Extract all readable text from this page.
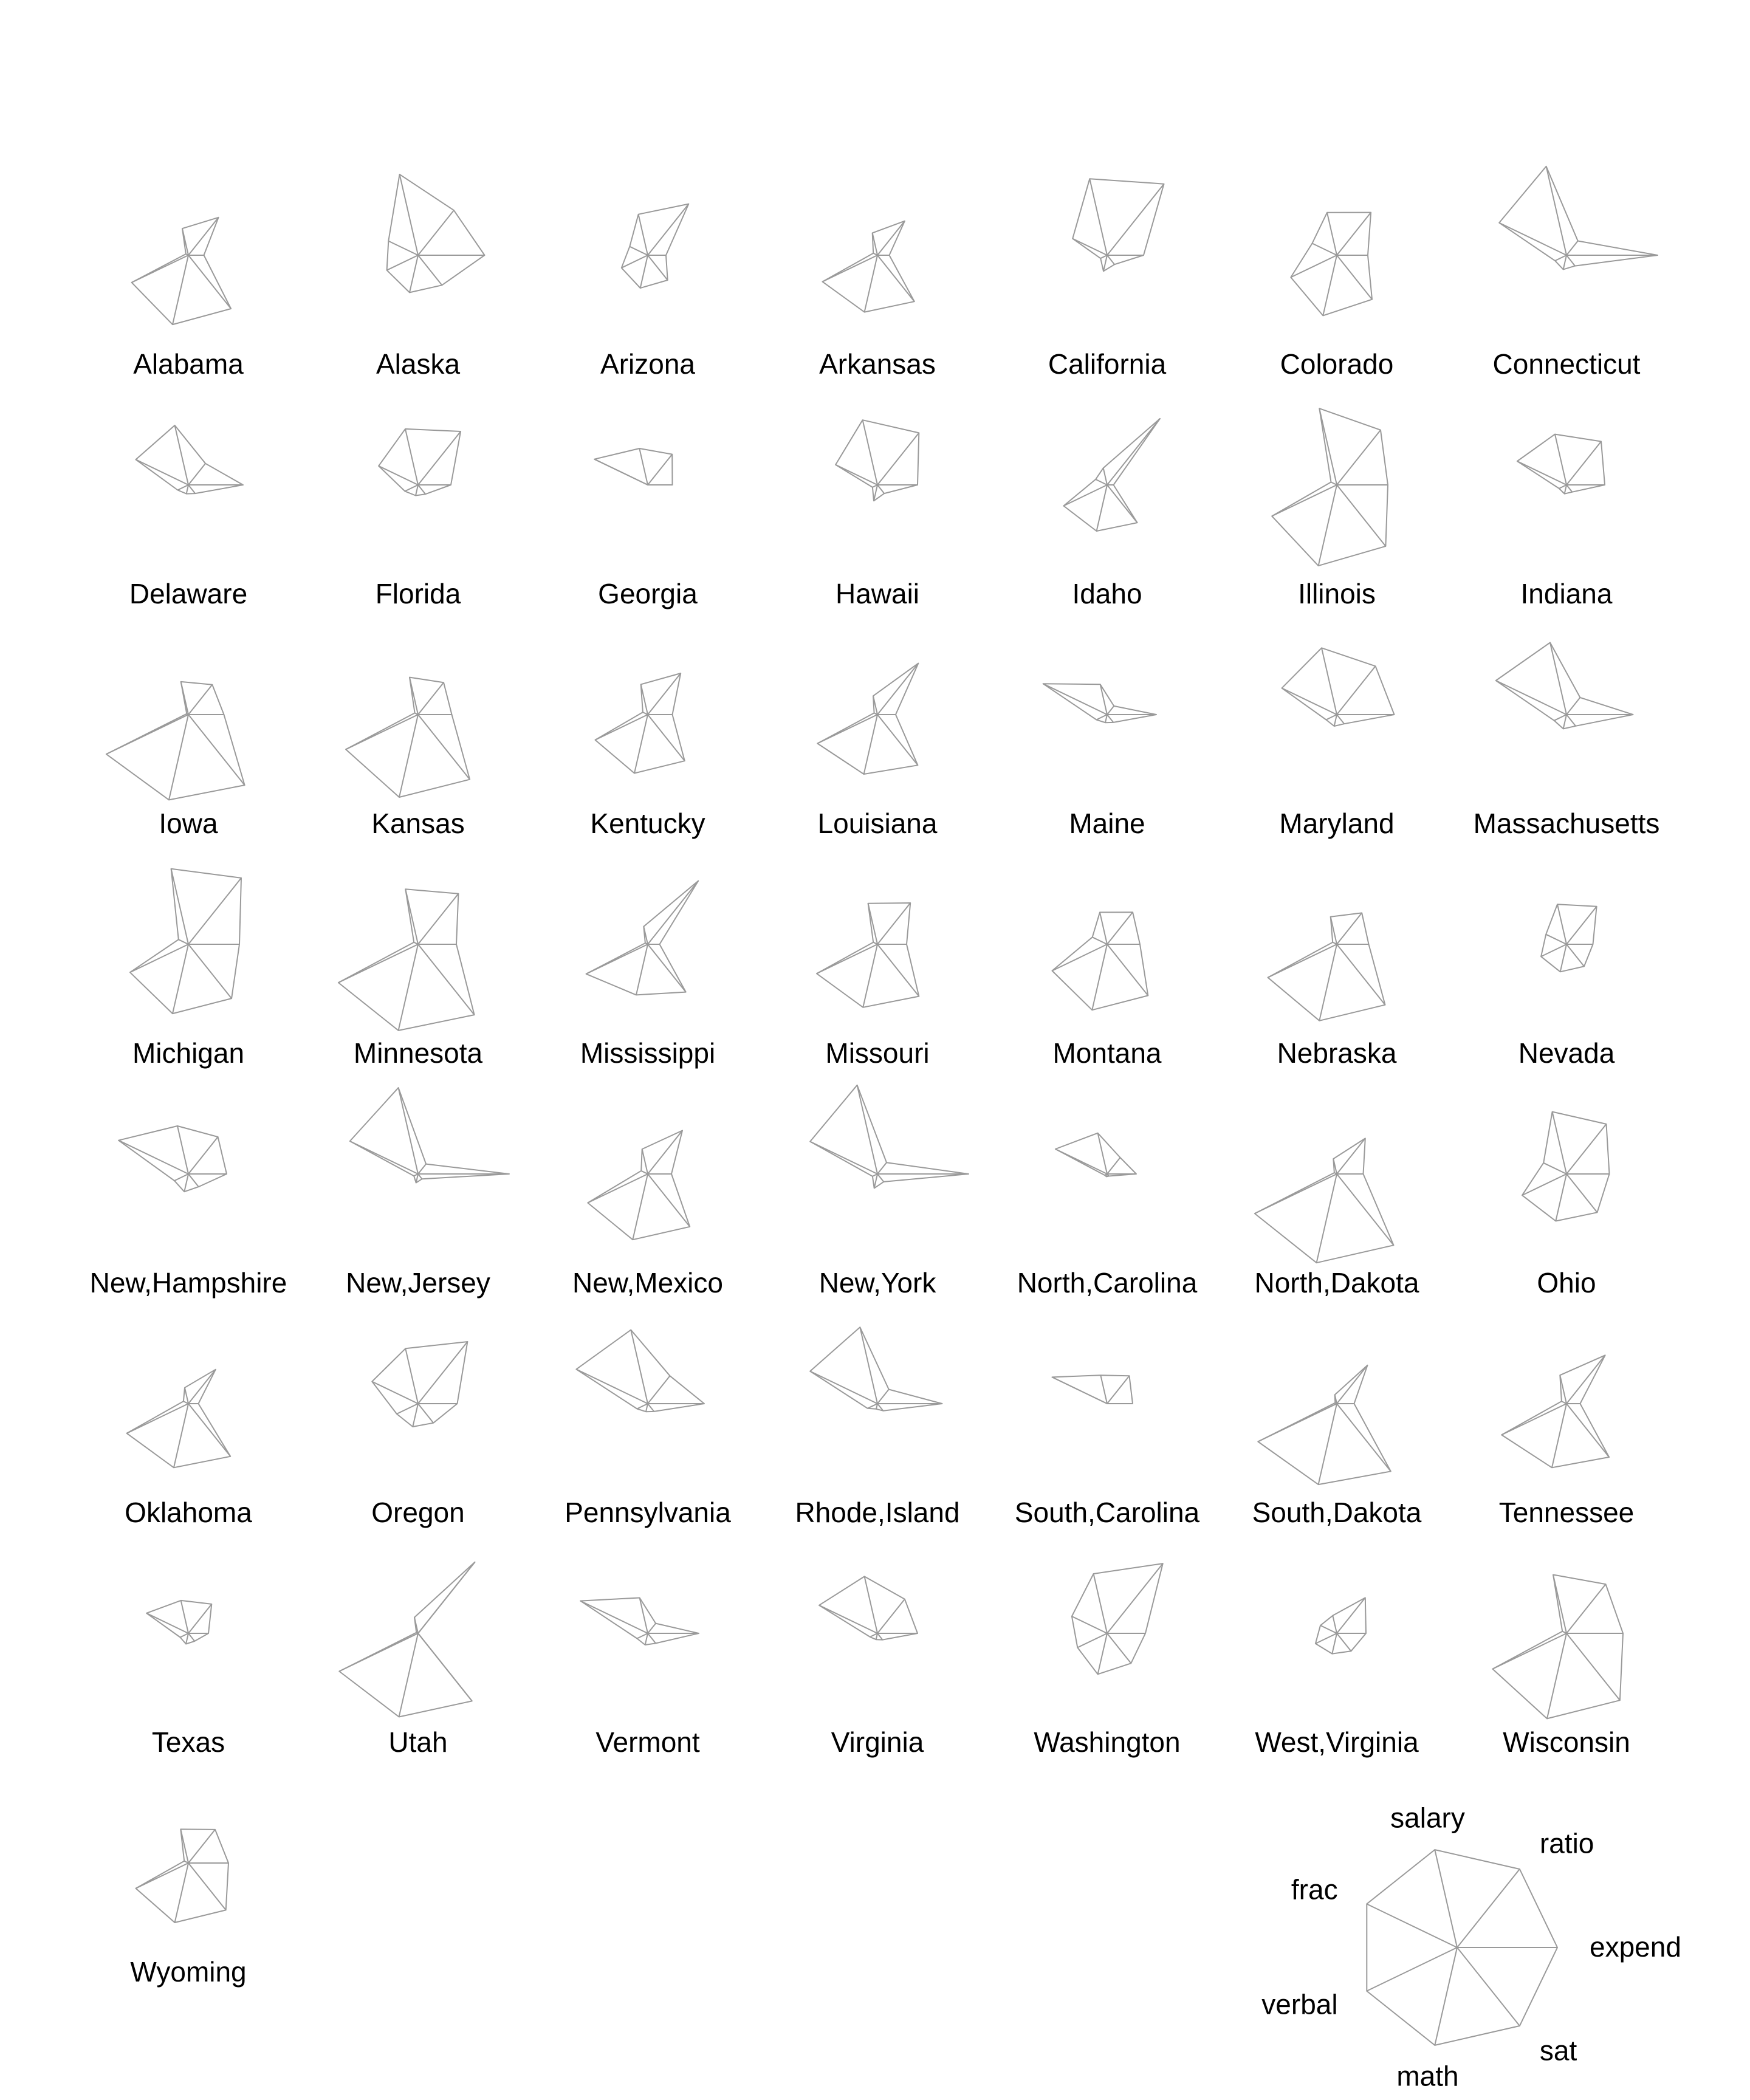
Alabama	Alaska	Arizona	Arkansas	California	Colorado	Connecticut
Delaware	Florida	Georgia	Hawaii	Idaho	Illinois	Indiana
Iowa	Kansas	Kentucky	Louisiana	Maine	Maryland	Massachusetts
Michigan	Minnesota	Mississippi	Missouri	Montana	Nebraska	Nevada
New,Hampshire New,Jersey	New,Mexico	New,York	North,Carolina North,Dakota	Ohio
Oklahoma	Oregon	Pennsylvania Rhode,Island South,Carolina South,Dakota	Tennessee
Texas	Utah	Vermont	Virginia	Washington	West,Virginia	Wisconsin
Wyoming
expend
ratio
salary
frac
verbal
math
sat
